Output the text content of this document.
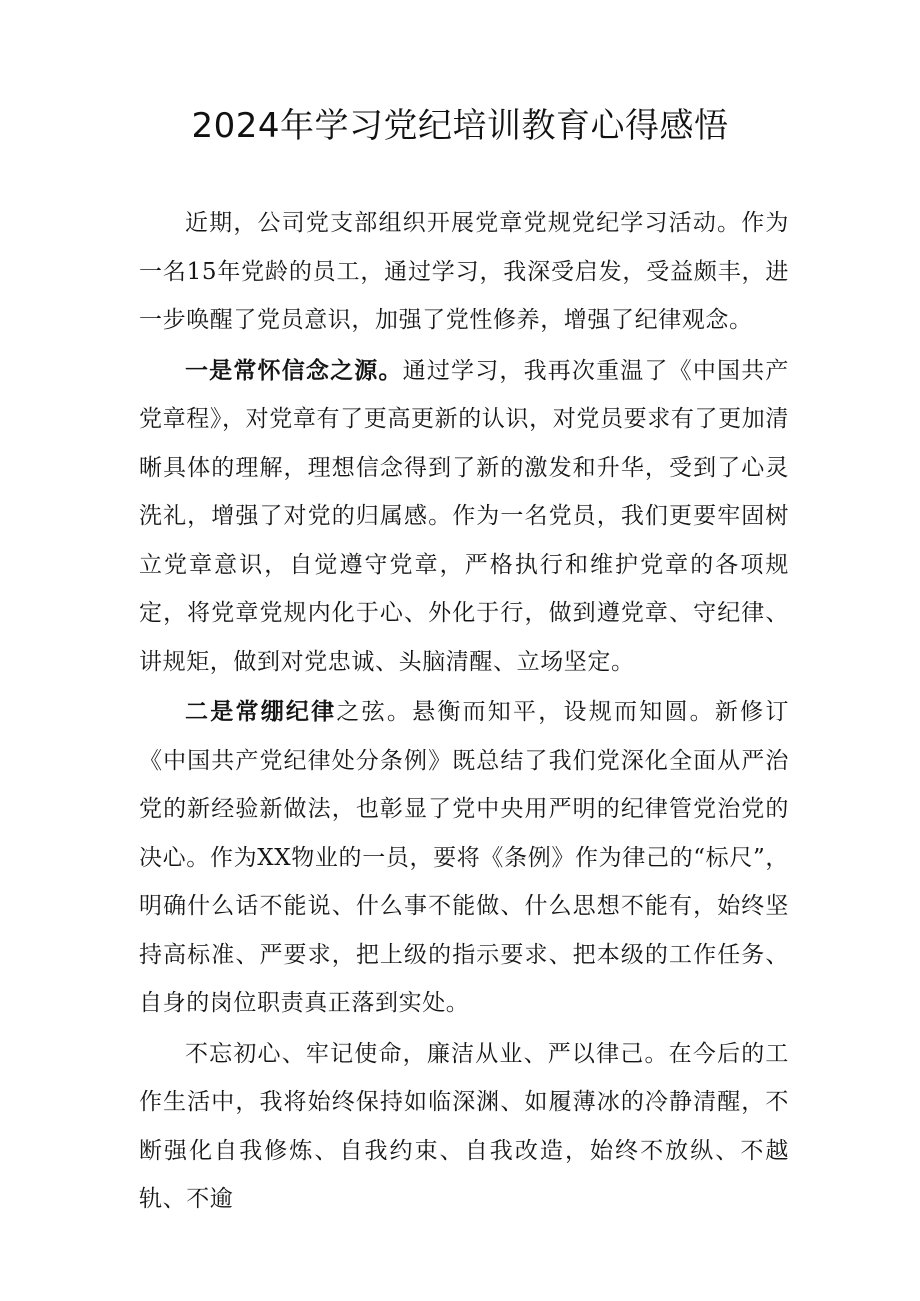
2024年学习党纪培训教育心得感悟

近期，公司党支部组织开展党章党规党纪学习活动。作为一名15年党龄的员工，通过学习，我深受启发，受益颇丰，进一步唤醒了党员意识，加强了党性修养，增强了纪律观念。

一是常怀信念之源。通过学习，我再次重温了《中国共产党章程》，对党章有了更高更新的认识，对党员要求有了更加清晰具体的理解，理想信念得到了新的激发和升华，受到了心灵洗礼，增强了对党的归属感。作为一名党员，我们更要牢固树立党章意识，自觉遵守党章，严格执行和维护党章的各项规定，将党章党规内化于心、外化于行，做到遵党章、守纪律、讲规矩，做到对党忠诚、头脑清醒、立场坚定。

二是常绷纪律之弦。悬衡而知平，设规而知圆。新修订《中国共产党纪律处分条例》既总结了我们党深化全面从严治党的新经验新做法，也彰显了党中央用严明的纪律管党治党的决心。作为XX物业的一员，要将《条例》作为律己的“标尺”，明确什么话不能说、什么事不能做、什么思想不能有，始终坚持高标准、严要求，把上级的指示要求、把本级的工作任务、自身的岗位职责真正落到实处。

不忘初心、牢记使命，廉洁从业、严以律己。在今后的工作生活中，我将始终保持如临深渊、如履薄冰的冷静清醒，不断强化自我修炼、自我约束、自我改造，始终不放纵、不越轨、不逾
